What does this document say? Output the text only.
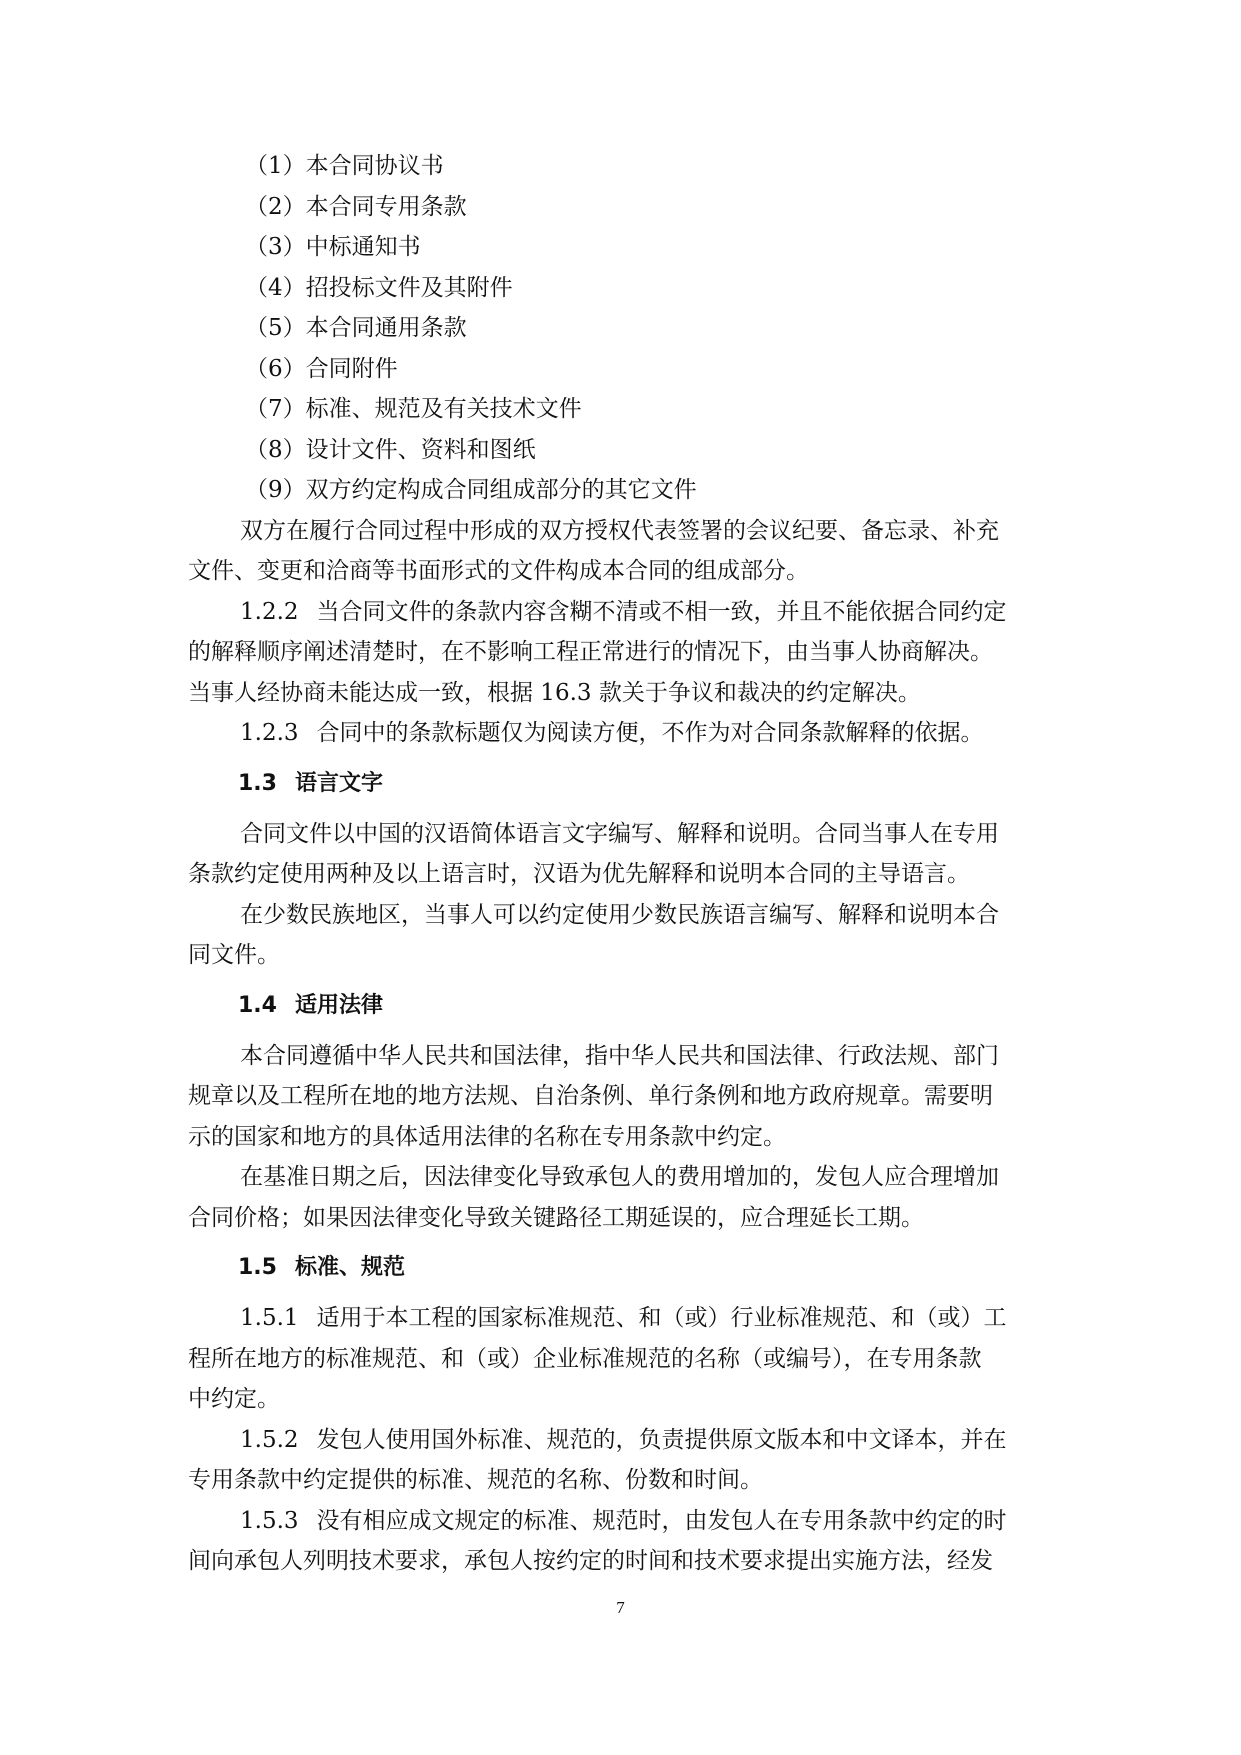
（1）本合同协议书

（2）本合同专用条款

（3）中标通知书

（4）招投标文件及其附件

（5）本合同通用条款

（6）合同附件

（7）标准、规范及有关技术文件

（8）设计文件、资料和图纸

（9）双方约定构成合同组成部分的其它文件

双方在履行合同过程中形成的双方授权代表签署的会议纪要、备忘录、补充

文件、变更和洽商等书面形式的文件构成本合同的组成部分。

1.2.2 当合同文件的条款内容含糊不清或不相一致，并且不能依据合同约定

的解释顺序阐述清楚时，在不影响工程正常进行的情况下，由当事人协商解决。

当事人经协商未能达成一致，根据 16.3 款关于争议和裁决的约定解决。

1.2.3 合同中的条款标题仅为阅读方便，不作为对合同条款解释的依据。

1.3 语言文字

合同文件以中国的汉语简体语言文字编写、解释和说明。合同当事人在专用

条款约定使用两种及以上语言时，汉语为优先解释和说明本合同的主导语言。

在少数民族地区，当事人可以约定使用少数民族语言编写、解释和说明本合

同文件。

1.4 适用法律

本合同遵循中华人民共和国法律，指中华人民共和国法律、行政法规、部门

规章以及工程所在地的地方法规、自治条例、单行条例和地方政府规章。需要明

示的国家和地方的具体适用法律的名称在专用条款中约定。

在基准日期之后，因法律变化导致承包人的费用增加的，发包人应合理增加

合同价格；如果因法律变化导致关键路径工期延误的，应合理延长工期。

1.5 标准、规范

1.5.1 适用于本工程的国家标准规范、和（或）行业标准规范、和（或）工

程所在地方的标准规范、和（或）企业标准规范的名称（或编号），在专用条款

中约定。

1.5.2 发包人使用国外标准、规范的，负责提供原文版本和中文译本，并在

专用条款中约定提供的标准、规范的名称、份数和时间。

1.5.3 没有相应成文规定的标准、规范时，由发包人在专用条款中约定的时

间向承包人列明技术要求，承包人按约定的时间和技术要求提出实施方法，经发

7
